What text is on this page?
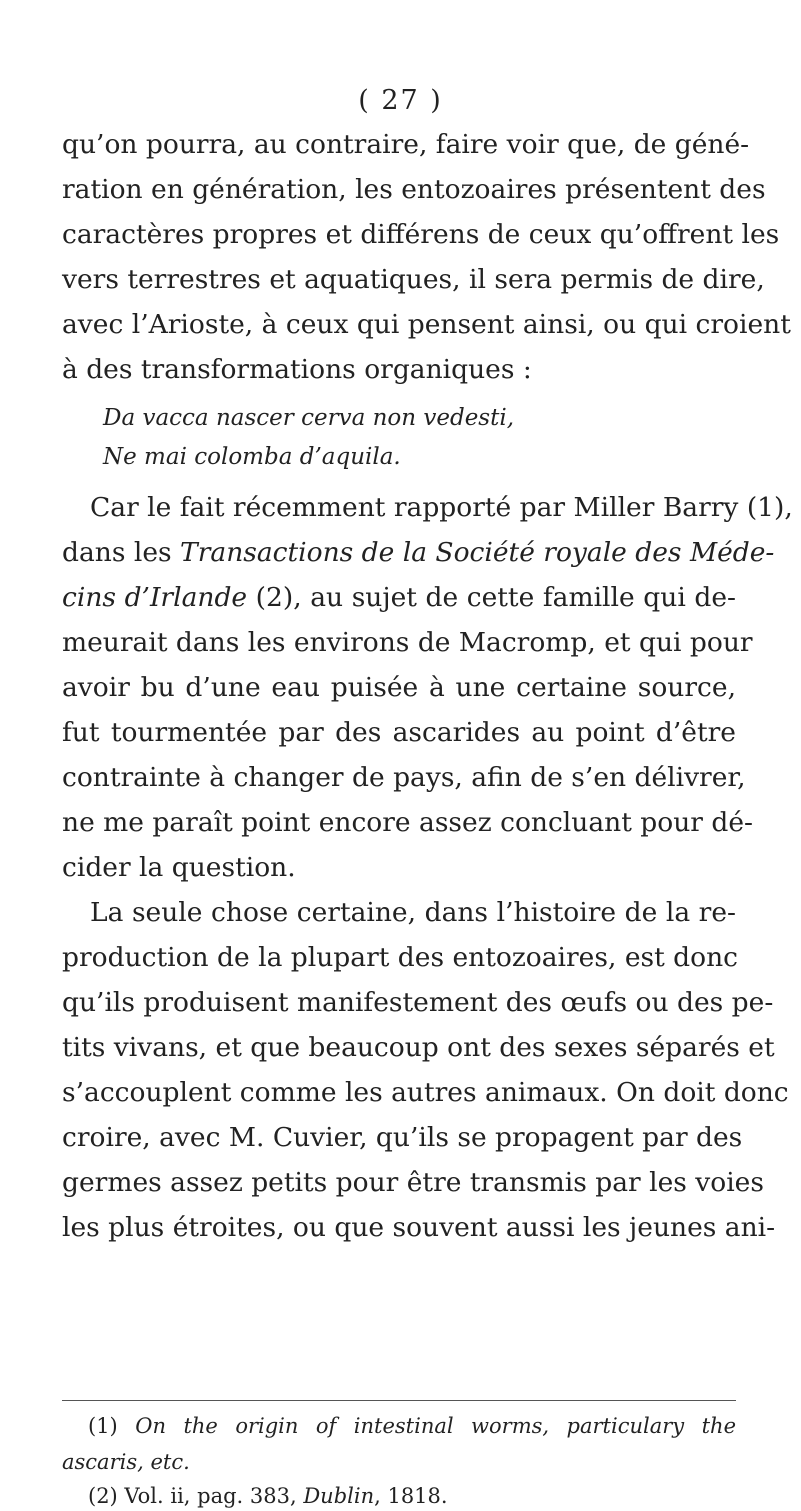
( 27 )
qu’on pourra, au contraire, faire voir que, de géné-
ration en génération, les entozoaires présentent des
caractères propres et différens de ceux qu’offrent les
vers terrestres et aquatiques, il sera permis de dire,
avec l’Arioste, à ceux qui pensent ainsi, ou qui croient
à des transformations organiques :
Da vacca nascer cerva non vedesti,
Ne mai colomba d’aquila.
Car le fait récemment rapporté par Miller Barry (1),
dans les Transactions de la Société royale des Méde-
cins d’Irlande (2), au sujet de cette famille qui de-
meurait dans les environs de Macromp, et qui pour
avoir bu d’une eau puisée à une certaine source,
fut tourmentée par des ascarides au point d’être
contrainte à changer de pays, afin de s’en délivrer,
ne me paraît point encore assez concluant pour dé-
cider la question.
La seule chose certaine, dans l’histoire de la re-
production de la plupart des entozoaires, est donc
qu’ils produisent manifestement des œufs ou des pe-
tits vivans, et que beaucoup ont des sexes séparés et
s’accouplent comme les autres animaux. On doit donc
croire, avec M. Cuvier, qu’ils se propagent par des
germes assez petits pour être transmis par les voies
les plus étroites, ou que souvent aussi les jeunes ani-
(1) On the origin of intestinal worms, particulary the
ascaris, etc.
(2) Vol. ii, pag. 383, Dublin, 1818.
